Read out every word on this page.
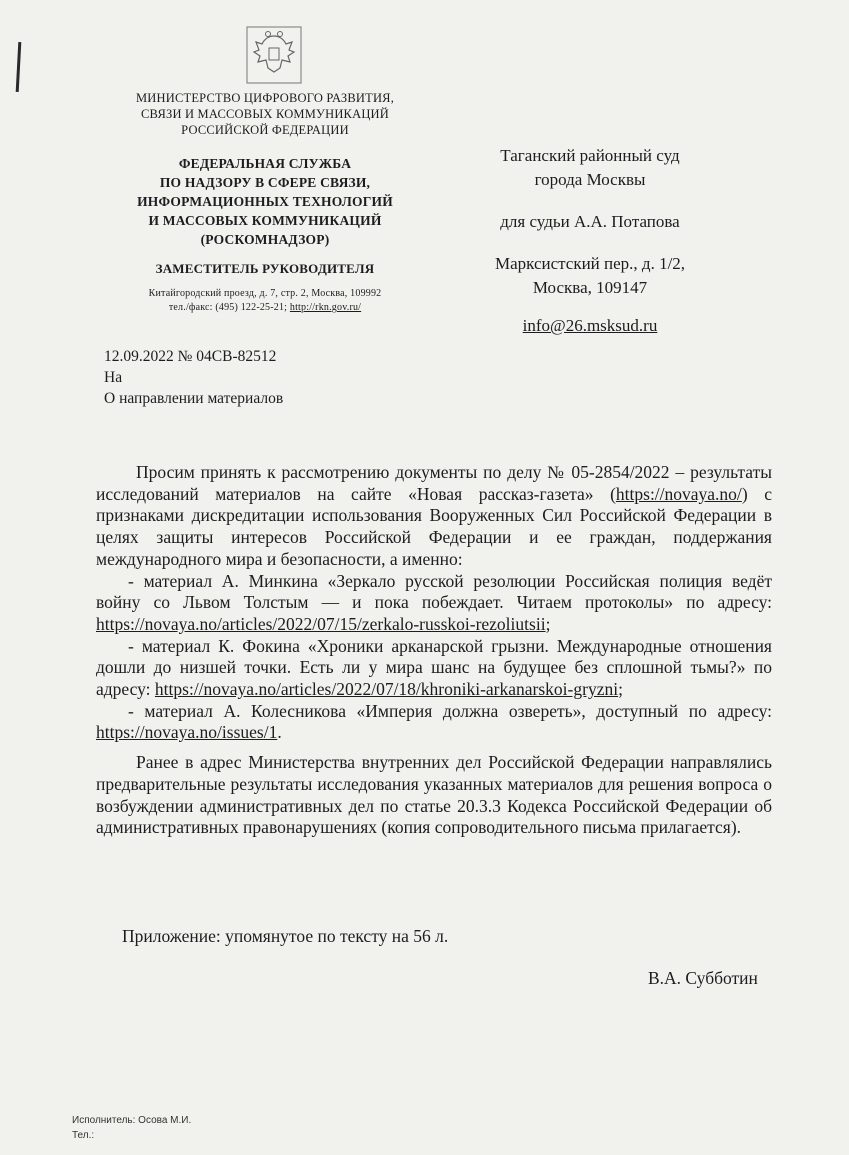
МИНИСТЕРСТВО ЦИФРОВОГО РАЗВИТИЯ,
СВЯЗИ И МАССОВЫХ КОММУНИКАЦИЙ
РОССИЙСКОЙ ФЕДЕРАЦИИ
ФЕДЕРАЛЬНАЯ СЛУЖБА
ПО НАДЗОРУ В СФЕРЕ СВЯЗИ,
ИНФОРМАЦИОННЫХ ТЕХНОЛОГИЙ
И МАССОВЫХ КОММУНИКАЦИЙ
(РОСКОМНАДЗОР)
ЗАМЕСТИТЕЛЬ РУКОВОДИТЕЛЯ
Китайгородский проезд, д. 7, стр. 2, Москва, 109992
тел./факс: (495) 122-25-21; http://rkn.gov.ru/
Таганский районный суд
города Москвы
для судьи А.А. Потапова
Марксистский пер., д. 1/2,
Москва, 109147
info@26.msksud.ru
12.09.2022 № 04СВ-82512
На
О направлении материалов

Просим принять к рассмотрению документы по делу № 05-2854/2022 – результаты исследований материалов на сайте «Новая рассказ-газета» (https://novaya.no/) с признаками дискредитации использования Вооруженных Сил Российской Федерации в целях защиты интересов Российской Федерации и ее граждан, поддержания международного мира и безопасности, а именно:

- материал А. Минкина «Зеркало русской резолюции Российская полиция ведёт войну со Львом Толстым — и пока побеждает. Читаем протоколы» по адресу: https://novaya.no/articles/2022/07/15/zerkalo-russkoi-rezoliutsii;

- материал К. Фокина «Хроники арканарской грызни. Международные отношения дошли до низшей точки. Есть ли у мира шанс на будущее без сплошной тьмы?» по адресу: https://novaya.no/articles/2022/07/18/khroniki-arkanarskoi-gryzni;

- материал А. Колесникова «Империя должна озвереть», доступный по адресу: https://novaya.no/issues/1.

Ранее в адрес Министерства внутренних дел Российской Федерации направлялись предварительные результаты исследования указанных материалов для решения вопроса о возбуждении административных дел по статье 20.3.3 Кодекса Российской Федерации об административных правонарушениях (копия сопроводительного письма прилагается).

Приложение: упомянутое по тексту на 56 л.
В.А. Субботин
Исполнитель: Осова М.И.
Тел.:
